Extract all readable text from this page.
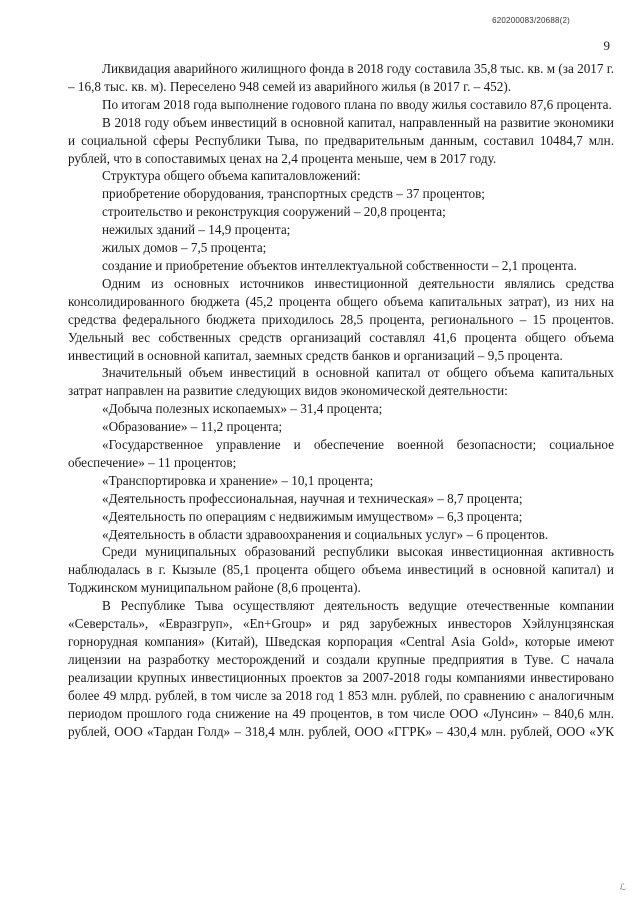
620200083/20688(2)
9

Ликвидация аварийного жилищного фонда в 2018 году составила 35,8 тыс. кв. м (за 2017 г. – 16,8 тыс. кв. м). Переселено 948 семей из аварийного жилья (в 2017 г. – 452).

По итогам 2018 года выполнение годового плана по вводу жилья составило 87,6 процента.

В 2018 году объем инвестиций в основной капитал, направленный на развитие экономики и социальной сферы Республики Тыва, по предварительным данным, составил 10484,7 млн. рублей, что в сопоставимых ценах на 2,4 процента меньше, чем в 2017 году.

Структура общего объема капиталовложений:

приобретение оборудования, транспортных средств – 37 процентов;

строительство и реконструкция сооружений – 20,8 процента;

нежилых зданий – 14,9 процента;

жилых домов – 7,5 процента;

создание и приобретение объектов интеллектуальной собственности – 2,1 процента.

Одним из основных источников инвестиционной деятельности являлись средства консолидированного бюджета (45,2 процента общего объема капитальных затрат), из них на средства федерального бюджета приходилось 28,5 процента, регионального – 15 процентов. Удельный вес собственных средств организаций составлял 41,6 процента общего объема инвестиций в основной капитал, заемных средств банков и организаций – 9,5 процента.

Значительный объем инвестиций в основной капитал от общего объема капитальных затрат направлен на развитие следующих видов экономической деятельности:

«Добыча полезных ископаемых» – 31,4 процента;

«Образование» – 11,2 процента;

«Государственное управление и обеспечение военной безопасности; социальное обеспечение» – 11 процентов;

«Транспортировка и хранение» – 10,1 процента;

«Деятельность профессиональная, научная и техническая» – 8,7 процента;

«Деятельность по операциям с недвижимым имуществом» – 6,3 процента;

«Деятельность в области здравоохранения и социальных услуг» – 6 процентов.

Среди муниципальных образований республики высокая инвестиционная активность наблюдалась в г. Кызыле (85,1 процента общего объема инвестиций в основной капитал) и Тоджинском муниципальном районе (8,6 процента).

В Республике Тыва осуществляют деятельность ведущие отечественные компании «Северсталь», «Евразгруп», «En+Group» и ряд зарубежных инвесторов Хэйлунцзянская горнорудная компания» (Китай), Шведская корпорация «Central Asia Gold», которые имеют лицензии на разработку месторождений и создали крупные предприятия в Туве. С начала реализации крупных инвестиционных проектов за 2007-2018 годы компаниями инвестировано более 49 млрд. рублей, в том числе за 2018 год 1 853 млн. рублей, по сравнению с аналогичным периодом прошлого года снижение на 49 процентов, в том числе ООО «Лунсин» – 840,6 млн. рублей, ООО «Тардан Голд» – 318,4 млн. рублей, ООО «ГГРК» – 430,4 млн. рублей, ООО «УК

ℒ
